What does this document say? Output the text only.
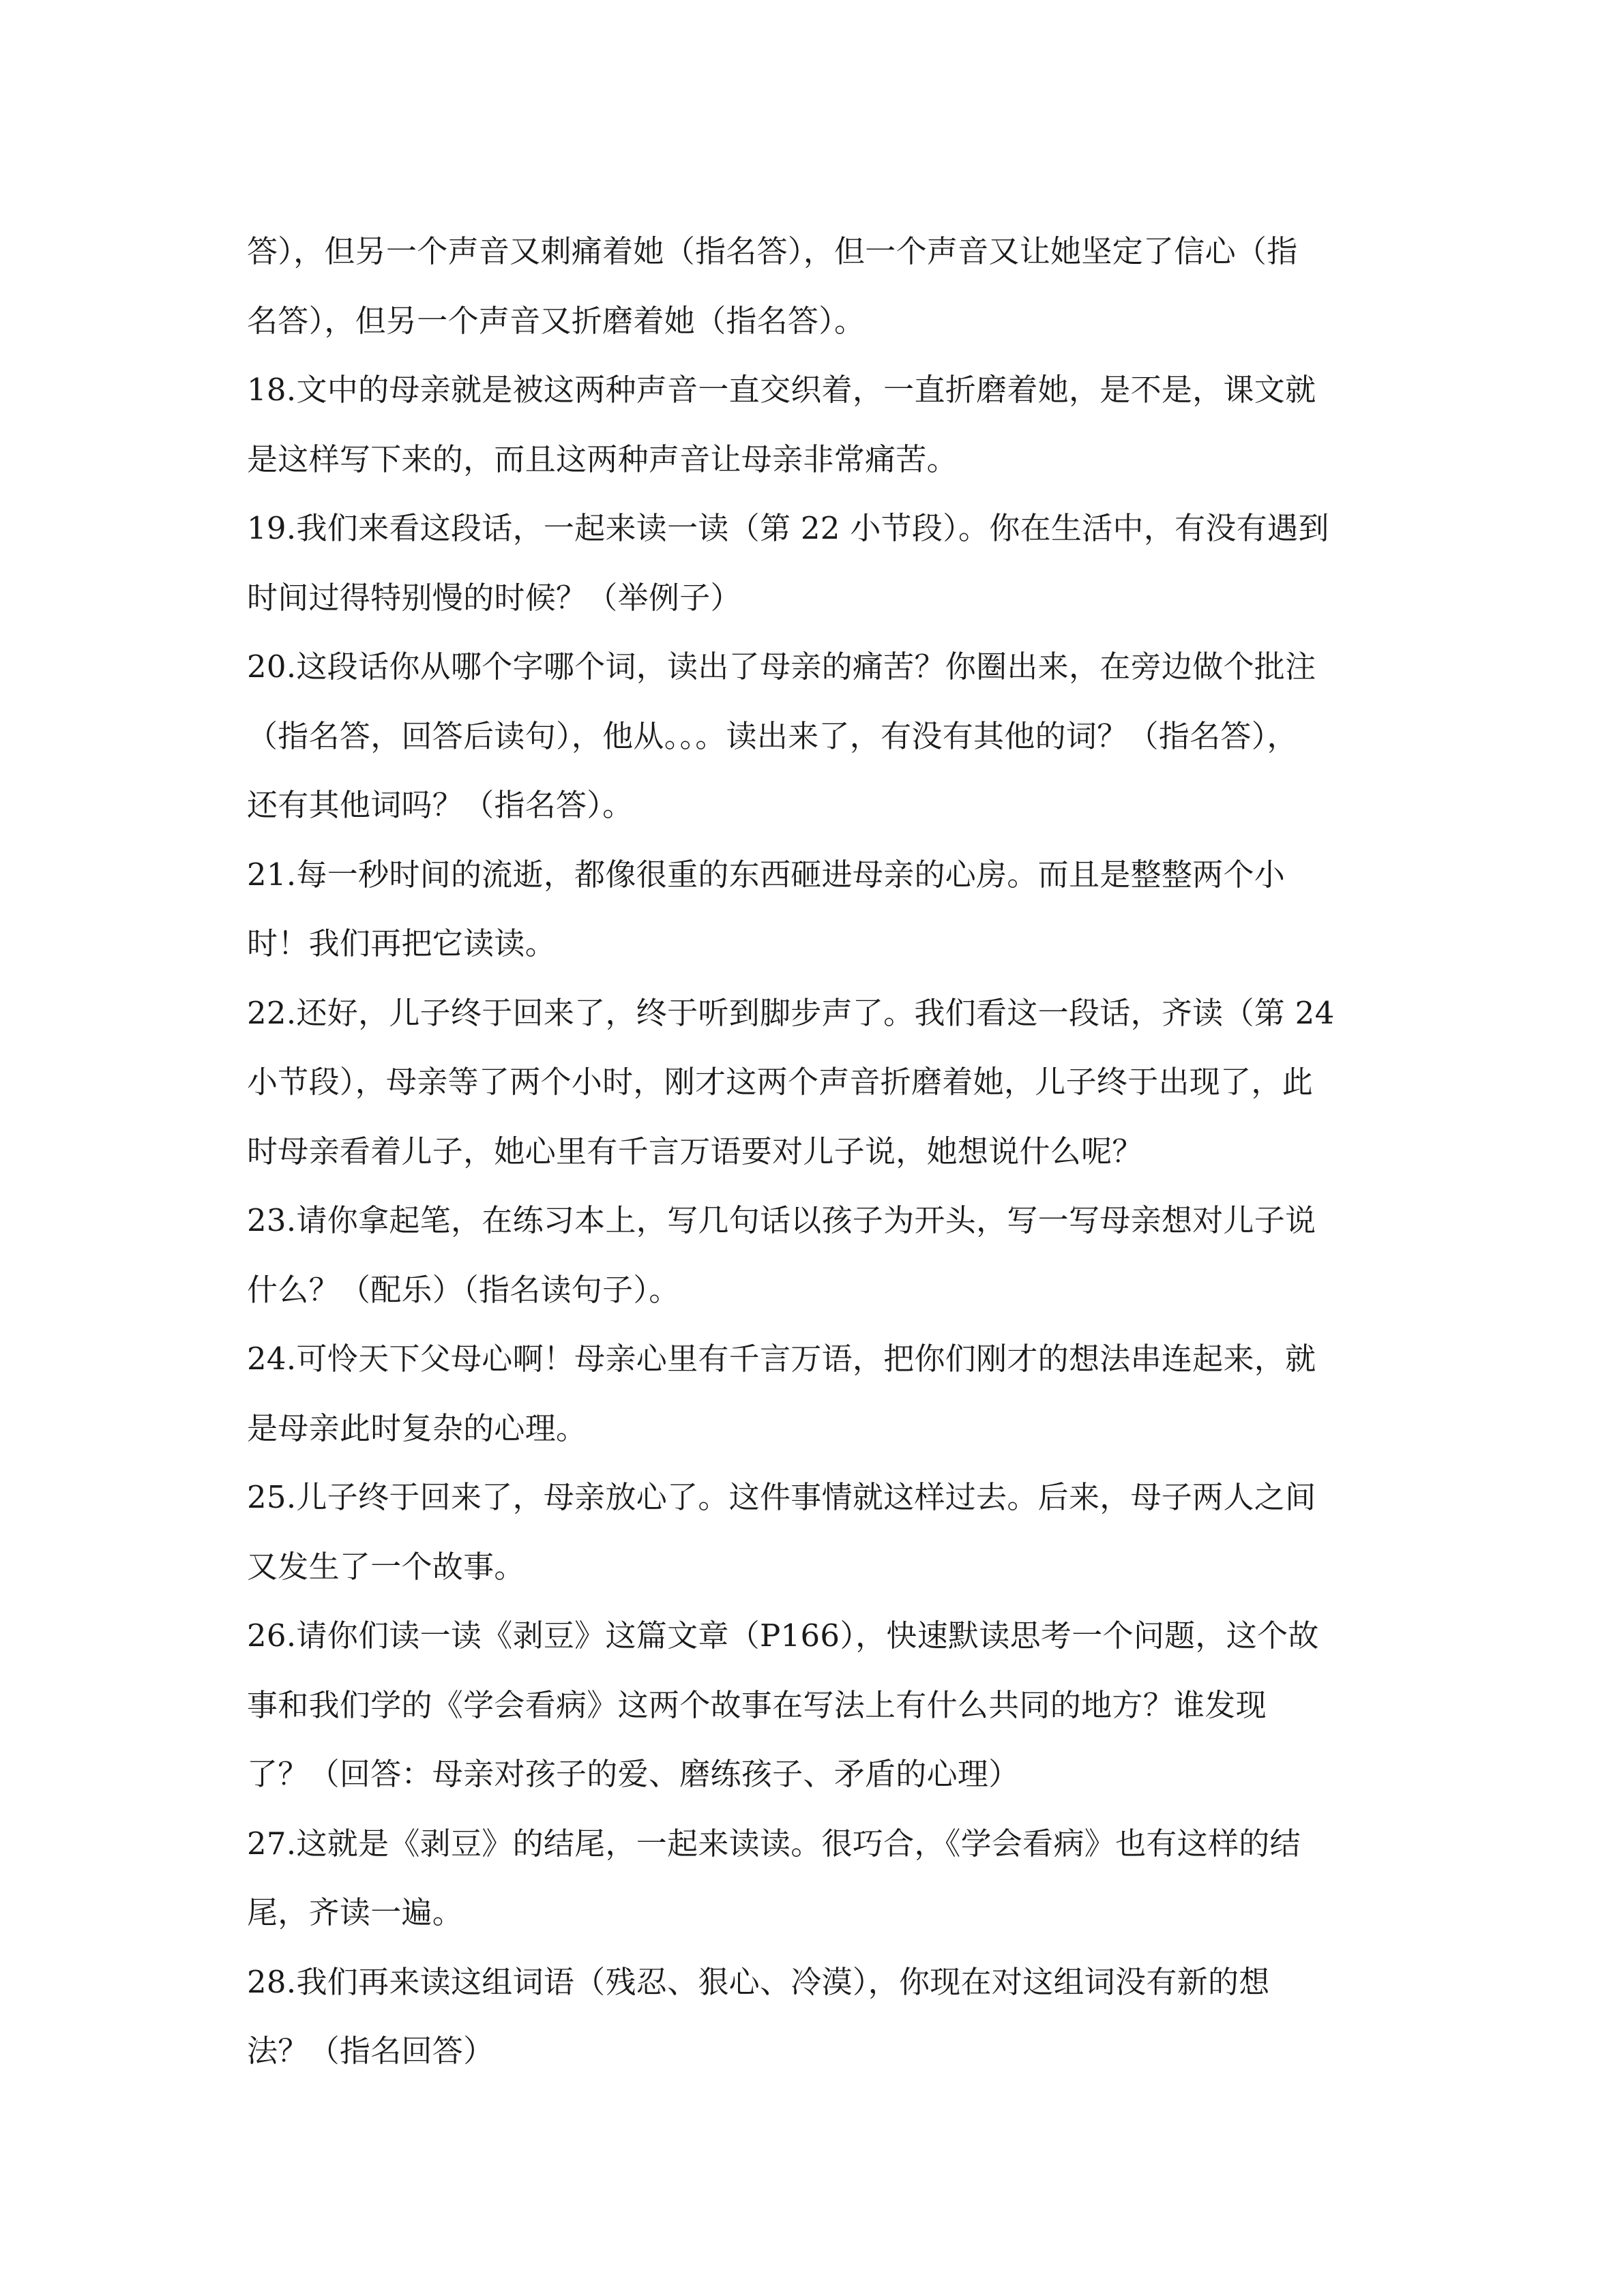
答），但另一个声音又刺痛着她（指名答），但一个声音又让她坚定了信心（指
名答），但另一个声音又折磨着她（指名答）。
18.文中的母亲就是被这两种声音一直交织着，一直折磨着她，是不是，课文就
是这样写下来的，而且这两种声音让母亲非常痛苦。
19.我们来看这段话，一起来读一读（第 22 小节段）。你在生活中，有没有遇到
时间过得特别慢的时候？（举例子）
20.这段话你从哪个字哪个词，读出了母亲的痛苦？你圈出来，在旁边做个批注
（指名答，回答后读句），他从。。。读出来了，有没有其他的词？（指名答），
还有其他词吗？（指名答）。
21.每一秒时间的流逝，都像很重的东西砸进母亲的心房。而且是整整两个小
时！我们再把它读读。
22.还好，儿子终于回来了，终于听到脚步声了。我们看这一段话，齐读（第 24
小节段），母亲等了两个小时，刚才这两个声音折磨着她，儿子终于出现了，此
时母亲看着儿子，她心里有千言万语要对儿子说，她想说什么呢？
23.请你拿起笔，在练习本上，写几句话以孩子为开头，写一写母亲想对儿子说
什么？（配乐）（指名读句子）。
24.可怜天下父母心啊！母亲心里有千言万语，把你们刚才的想法串连起来，就
是母亲此时复杂的心理。
25.儿子终于回来了，母亲放心了。这件事情就这样过去。后来，母子两人之间
又发生了一个故事。
26.请你们读一读《剥豆》这篇文章（P166），快速默读思考一个问题，这个故
事和我们学的《学会看病》这两个故事在写法上有什么共同的地方？谁发现
了？（回答：母亲对孩子的爱、磨练孩子、矛盾的心理）
27.这就是《剥豆》的结尾，一起来读读。很巧合，《学会看病》也有这样的结
尾，齐读一遍。
28.我们再来读这组词语（残忍、狠心、冷漠），你现在对这组词没有新的想
法？（指名回答）
